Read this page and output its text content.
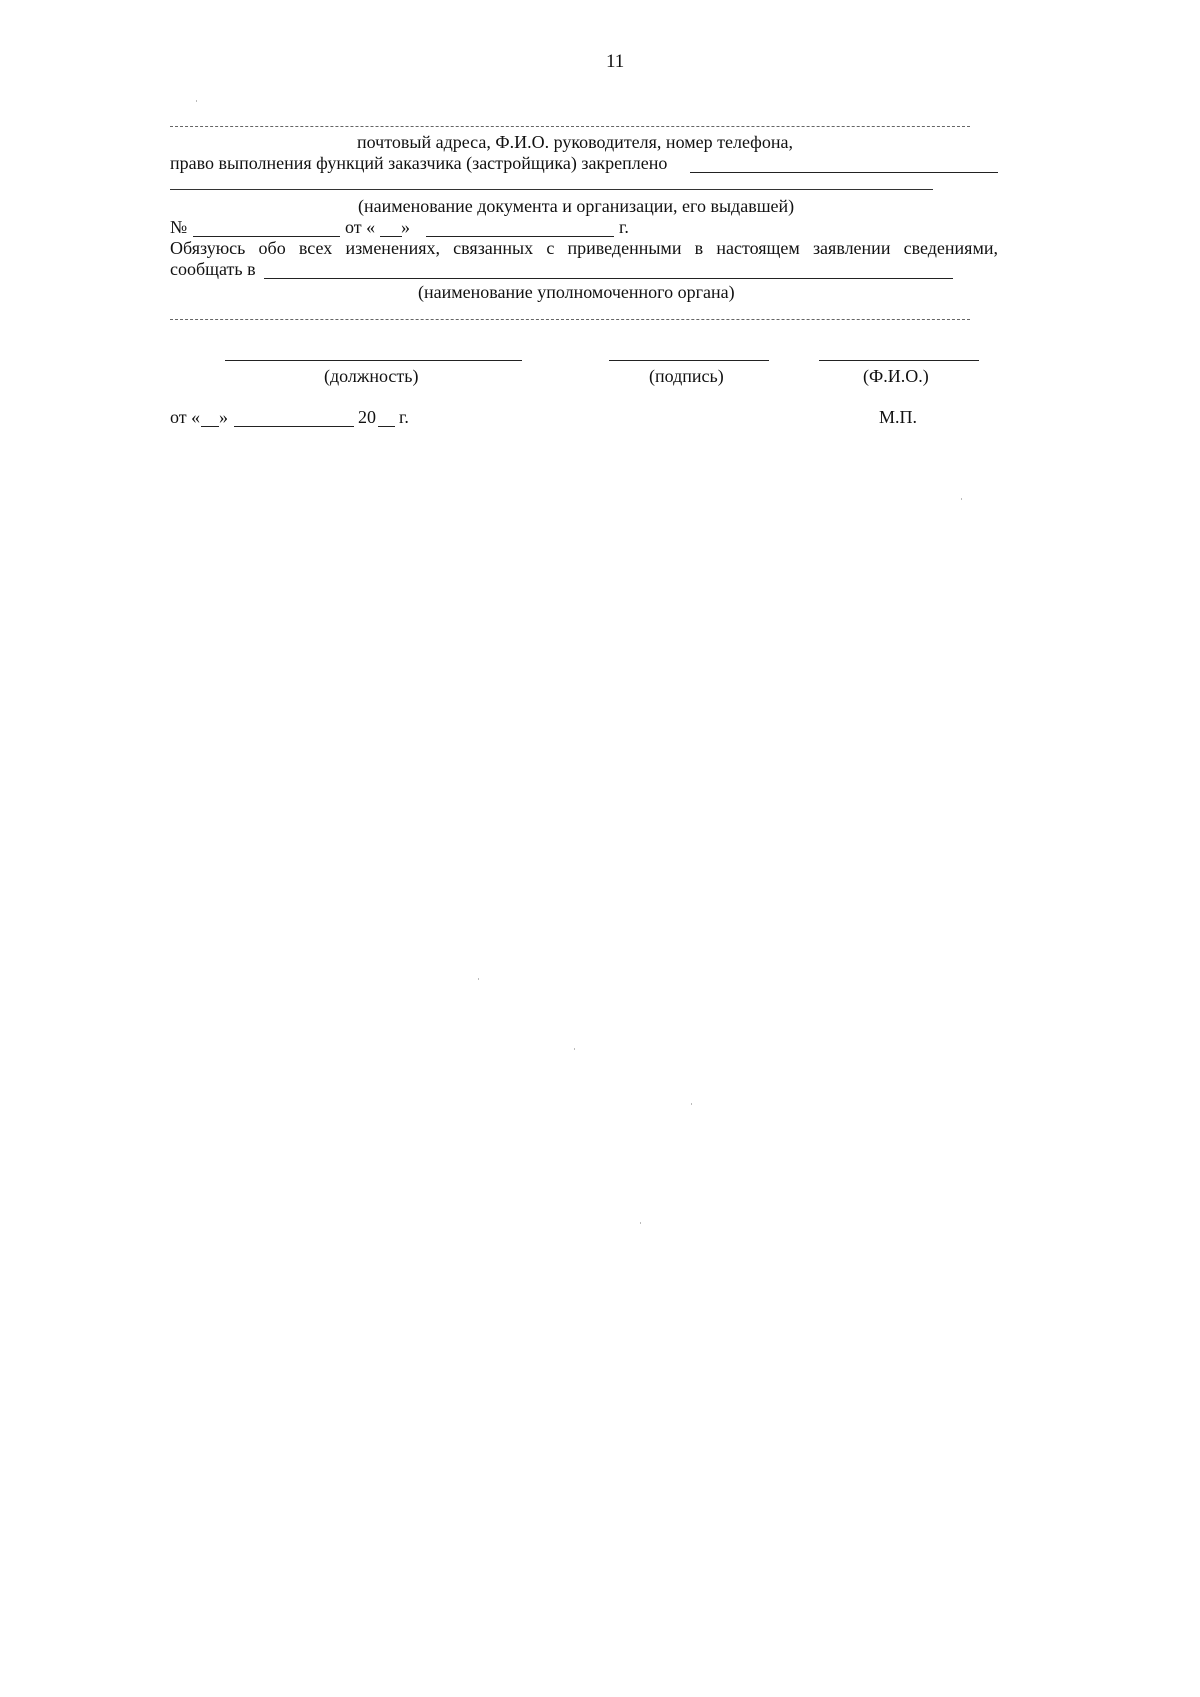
11
почтовый адреса, Ф.И.О. руководителя, номер телефона,
право выполнения функций заказчика (застройщика) закреплено
(наименование документа и организации, его выдавшей)
№	от « »	г.
Обязуюсь обо всех изменениях, связанных с приведенными в настоящем заявлении сведениями,
сообщать в
(наименование уполномоченного органа)
(должность)	(подпись)	(Ф.И.О.)
от « »	20 г.	М.П.
